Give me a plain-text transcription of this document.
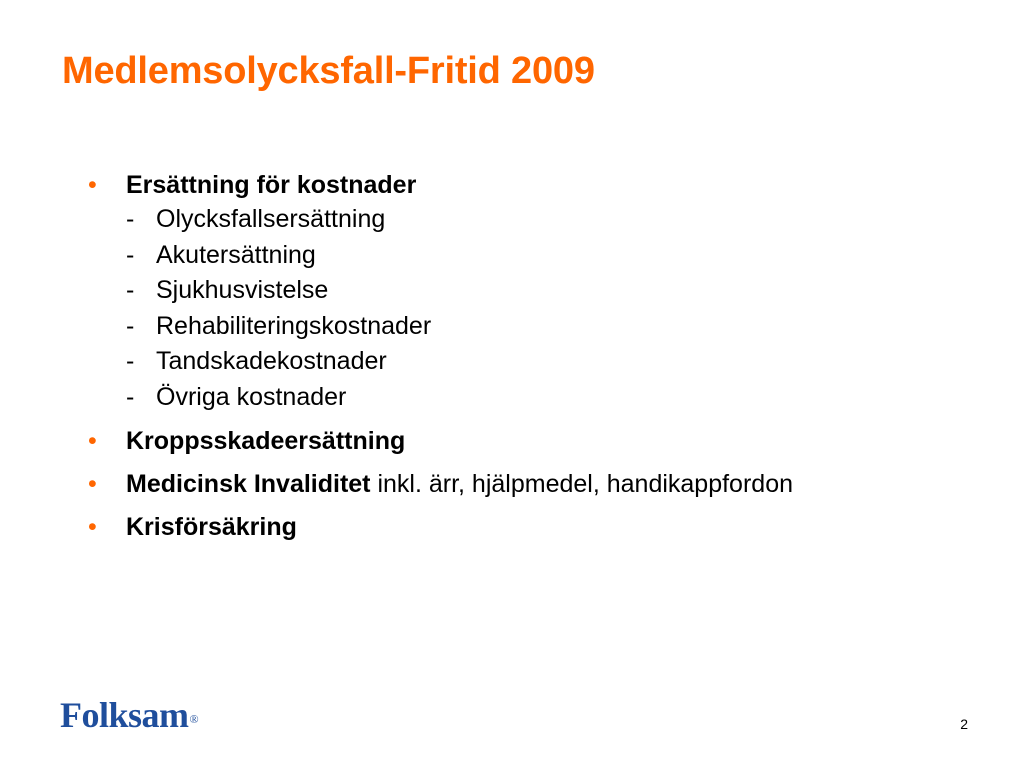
Medlemsolycksfall-Fritid 2009
• Ersättning för kostnader
- Olycksfallsersättning
- Akutersättning
- Sjukhusvistelse
- Rehabiliteringskostnader
- Tandskadekostnader
- Övriga kostnader
• Kroppsskadeersättning
• Medicinsk Invaliditet inkl. ärr, hjälpmedel, handikappfordon
• Krisförsäkring
Folksam®	2
